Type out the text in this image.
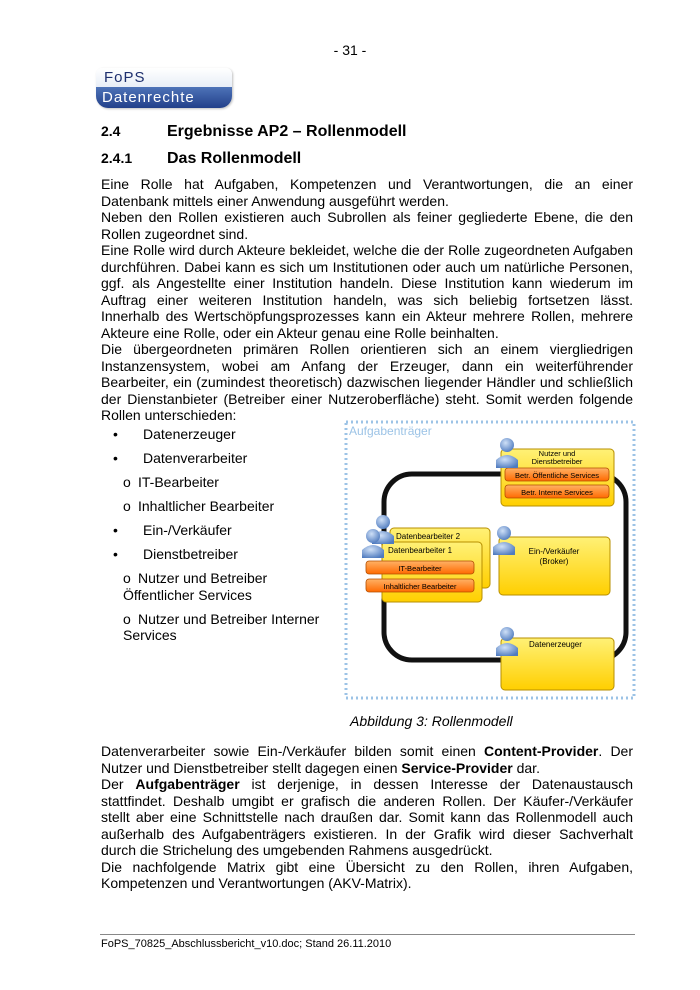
- 31 -
FoPS
Datenrechte
2.4	Ergebnisse AP2 – Rollenmodell
2.4.1 Das Rollenmodell

Eine Rolle hat Aufgaben, Kompetenzen und Verantwortungen, die an einer Datenbank mittels einer Anwendung ausgeführt werden.

Neben den Rollen existieren auch Subrollen als feiner gegliederte Ebene, die den Rollen zugeordnet sind.

Eine Rolle wird durch Akteure bekleidet, welche die der Rolle zugeordneten Aufgaben durchführen. Dabei kann es sich um Institutionen oder auch um natürliche Personen, ggf. als Angestellte einer Institution handeln. Diese Institution kann wiederum im Auftrag einer weiteren Institution handeln, was sich beliebig fortsetzen lässt. Innerhalb des Wertschöpfungsprozesses kann ein Akteur mehrere Rollen, mehrere Akteure eine Rolle, oder ein Akteur genau eine Rolle beinhalten.

Die übergeordneten primären Rollen orientieren sich an einem viergliedrigen Instanzensystem, wobei am Anfang der Erzeuger, dann ein weiterführender Bearbeiter, ein (zumindest theoretisch) dazwischen liegender Händler und schließlich der Dienstanbieter (Betreiber einer Nutzeroberfläche) steht. Somit werden folgende Rollen unterschieden:

• Datenerzeuger
• Datenverarbeiter
o IT-Bearbeiter
o Inhaltlicher Bearbeiter
• Ein-/Verkäufer
• Dienstbetreiber
o Nutzer und Betreiber Öffentlicher Services
o Nutzer und Betreiber Interner Services
Aufgabenträger
Nutzer und
Dienstbetreiber
Betr. Öffentliche Services
Betr. Interne Services
Datenbearbeiter 2
Datenbearbeiter 1
IT-Bearbeiter
Inhaltlicher Bearbeiter
Ein-/Verkäufer
(Broker)
Datenerzeuger
Abbildung 3: Rollenmodell

Datenverarbeiter sowie Ein-/Verkäufer bilden somit einen Content-Provider. Der Nutzer und Dienstbetreiber stellt dagegen einen Service-Provider dar.

Der Aufgabenträger ist derjenige, in dessen Interesse der Datenaustausch stattfindet. Deshalb umgibt er grafisch die anderen Rollen. Der Käufer-/Verkäufer stellt aber eine Schnittstelle nach draußen dar. Somit kann das Rollenmodell auch außerhalb des Aufgabenträgers existieren. In der Grafik wird dieser Sachverhalt durch die Strichelung des umgebenden Rahmens ausgedrückt.

Die nachfolgende Matrix gibt eine Übersicht zu den Rollen, ihren Aufgaben, Kompetenzen und Verantwortungen (AKV-Matrix).

FoPS_70825_Abschlussbericht_v10.doc; Stand 26.11.2010
